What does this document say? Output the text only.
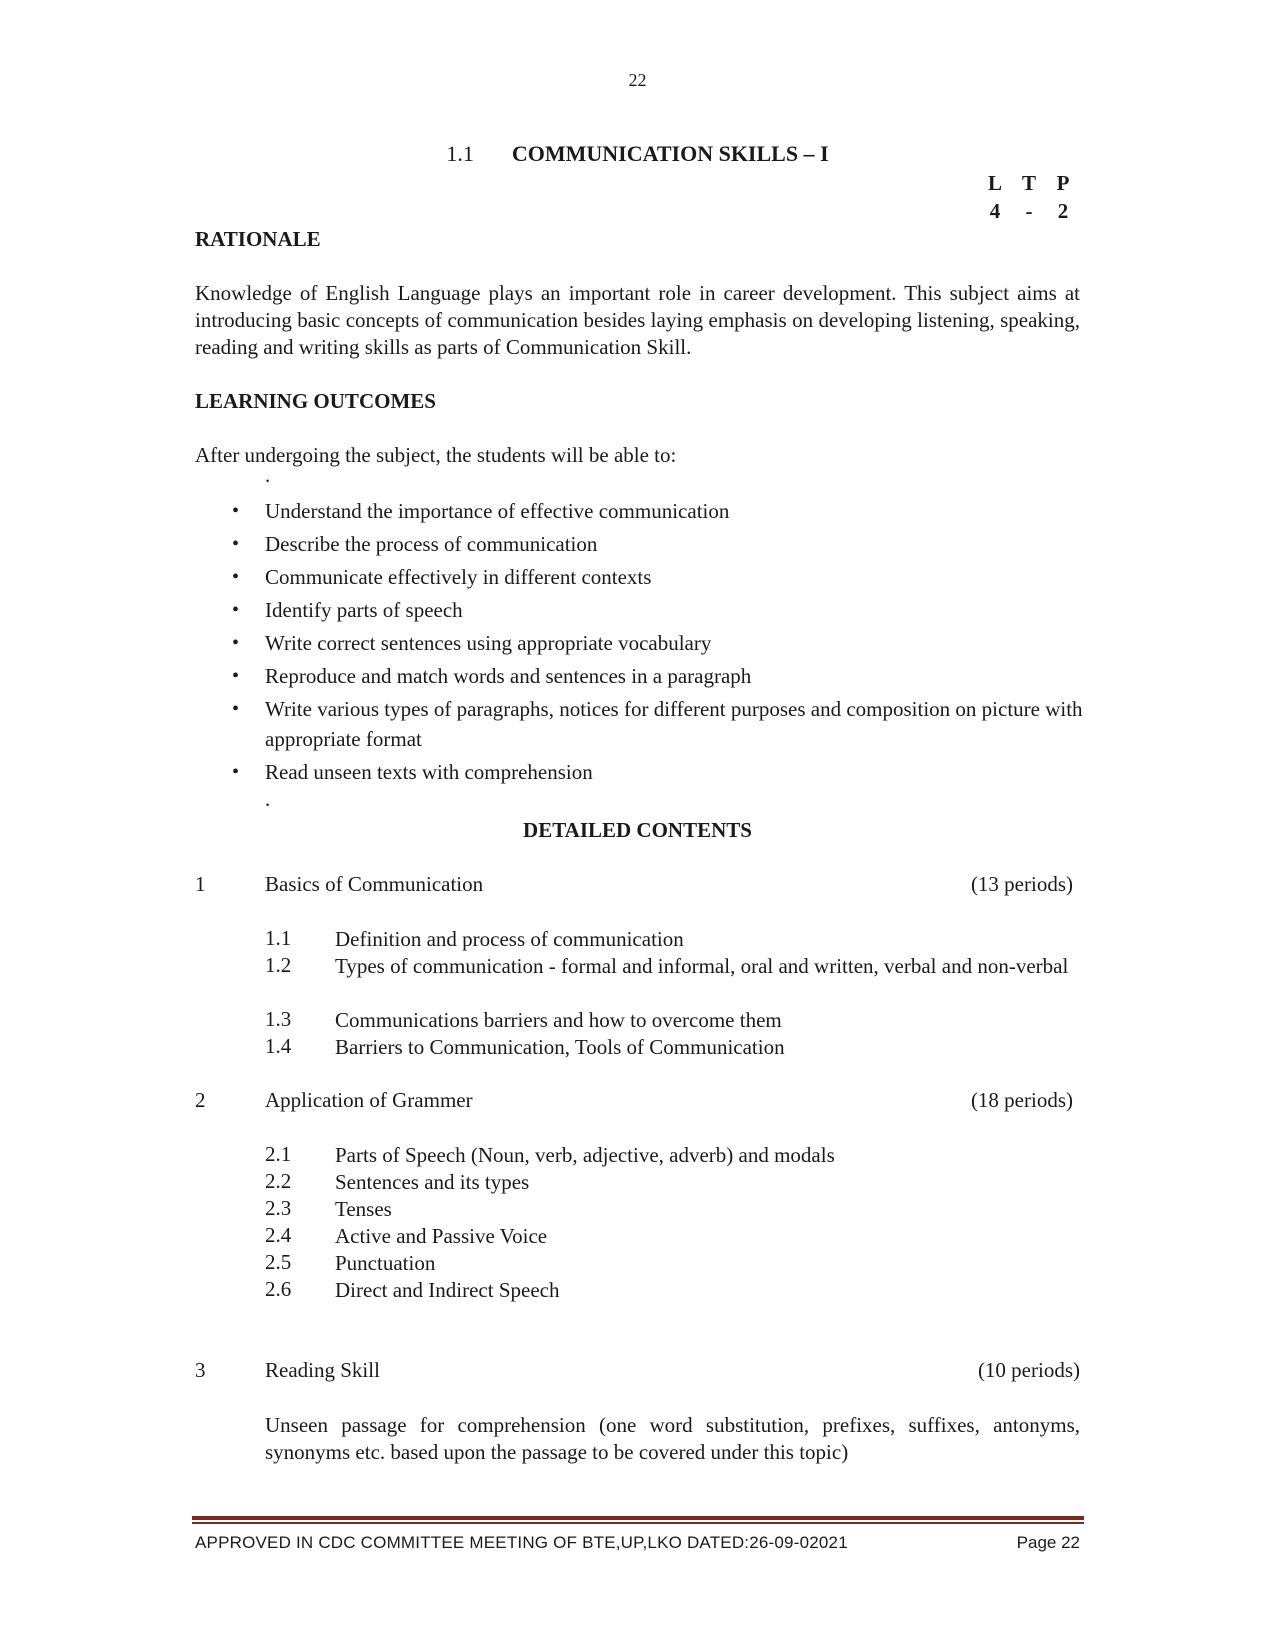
22
1.1 COMMUNICATION SKILLS – I
L T P
4	-	2
RATIONALE
Knowledge of English Language plays an important role in career development. This subject aims at introducing basic concepts of communication besides laying emphasis on developing listening, speaking, reading and writing skills as parts of Communication Skill.
LEARNING OUTCOMES
After undergoing the subject, the students will be able to:
.
• Understand the importance of effective communication
• Describe the process of communication
• Communicate effectively in different contexts
• Identify parts of speech
• Write correct sentences using appropriate vocabulary
• Reproduce and match words and sentences in a paragraph
• Write various types of paragraphs, notices for different purposes and composition on picture with appropriate format
• Read unseen texts with comprehension
.
DETAILED CONTENTS
1	Basics of Communication	(13 periods)
1.1 Definition and process of communication
1.2 Types of communication - formal and informal, oral and written, verbal and non-verbal
1.3 Communications barriers and how to overcome them
1.4 Barriers to Communication, Tools of Communication
2	Application of Grammer	(18 periods)
2.1 Parts of Speech (Noun, verb, adjective, adverb) and modals
2.2 Sentences and its types
2.3 Tenses
2.4 Active and Passive Voice
2.5 Punctuation
2.6 Direct and Indirect Speech
3	Reading Skill	(10 periods)
Unseen passage for comprehension (one word substitution, prefixes, suffixes, antonyms, synonyms etc. based upon the passage to be covered under this topic)
APPROVED IN CDC COMMITTEE MEETING OF BTE,UP,LKO DATED:26-09-02021	Page 22
